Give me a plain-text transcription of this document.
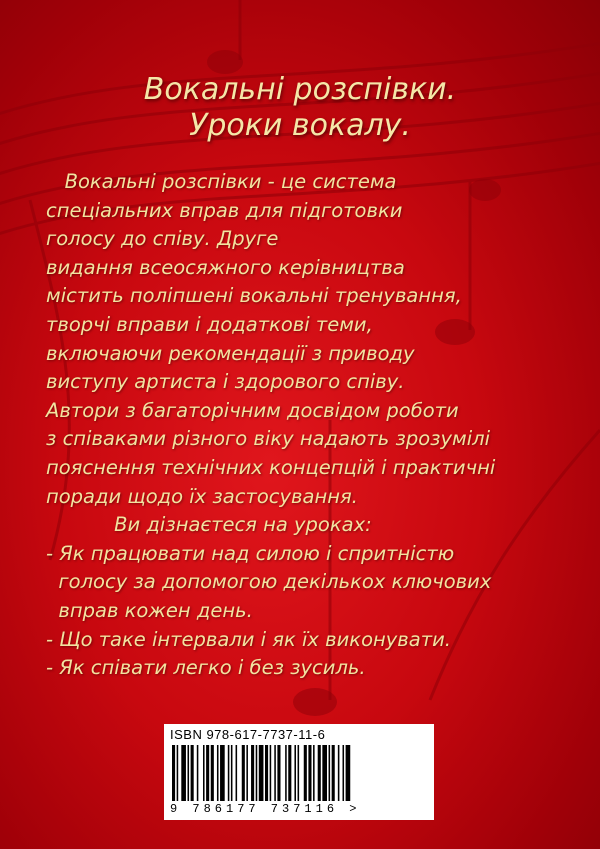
Вокальні розспівки.
Уроки вокалу.
Вокальні розспівки - це система
спеціальних вправ для підготовки
голосу до співу. Друге
видання всеосяжного керівництва
містить поліпшені вокальні тренування,
творчі вправи і додаткові теми,
включаючи рекомендації з приводу
виступу артиста і здорового співу.
Автори з багаторічним досвідом роботи
з співаками різного віку надають зрозумілі
пояснення технічних концепцій і практичні
поради щодо їх застосування.
Ви дізнаєтеся на уроках:
- Як працювати над силою і спритністю
голосу за допомогою декількох ключових
вправ кожен день.
- Що таке інтервали і як їх виконувати.
- Як співати легко і без зусиль.
ISBN 978-617-7737-11-6
9 786177 737116 >
